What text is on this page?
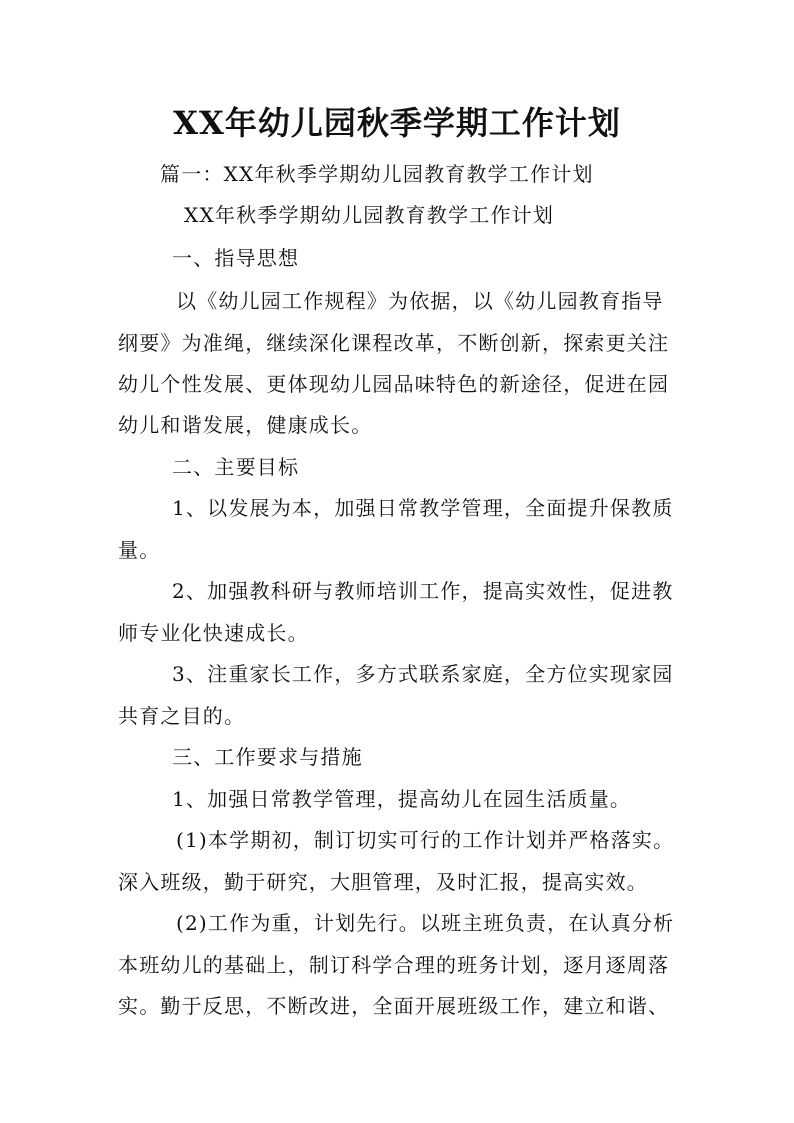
XX年幼儿园秋季学期工作计划
篇一：XX年秋季学期幼儿园教育教学工作计划
XX年秋季学期幼儿园教育教学工作计划
一、指导思想
以《幼儿园工作规程》为依据，以《幼儿园教育指导
纲要》为准绳，继续深化课程改革，不断创新，探索更关注
幼儿个性发展、更体现幼儿园品味特色的新途径，促进在园
幼儿和谐发展，健康成长。
二、主要目标
1、以发展为本，加强日常教学管理，全面提升保教质
量。
2、加强教科研与教师培训工作，提高实效性，促进教
师专业化快速成长。
3、注重家长工作，多方式联系家庭，全方位实现家园
共育之目的。
三、工作要求与措施
1、加强日常教学管理，提高幼儿在园生活质量。
(1)本学期初，制订切实可行的工作计划并严格落实。
深入班级，勤于研究，大胆管理，及时汇报，提高实效。
(2)工作为重，计划先行。以班主班负责，在认真分析
本班幼儿的基础上，制订科学合理的班务计划，逐月逐周落
实。勤于反思，不断改进，全面开展班级工作，建立和谐、
